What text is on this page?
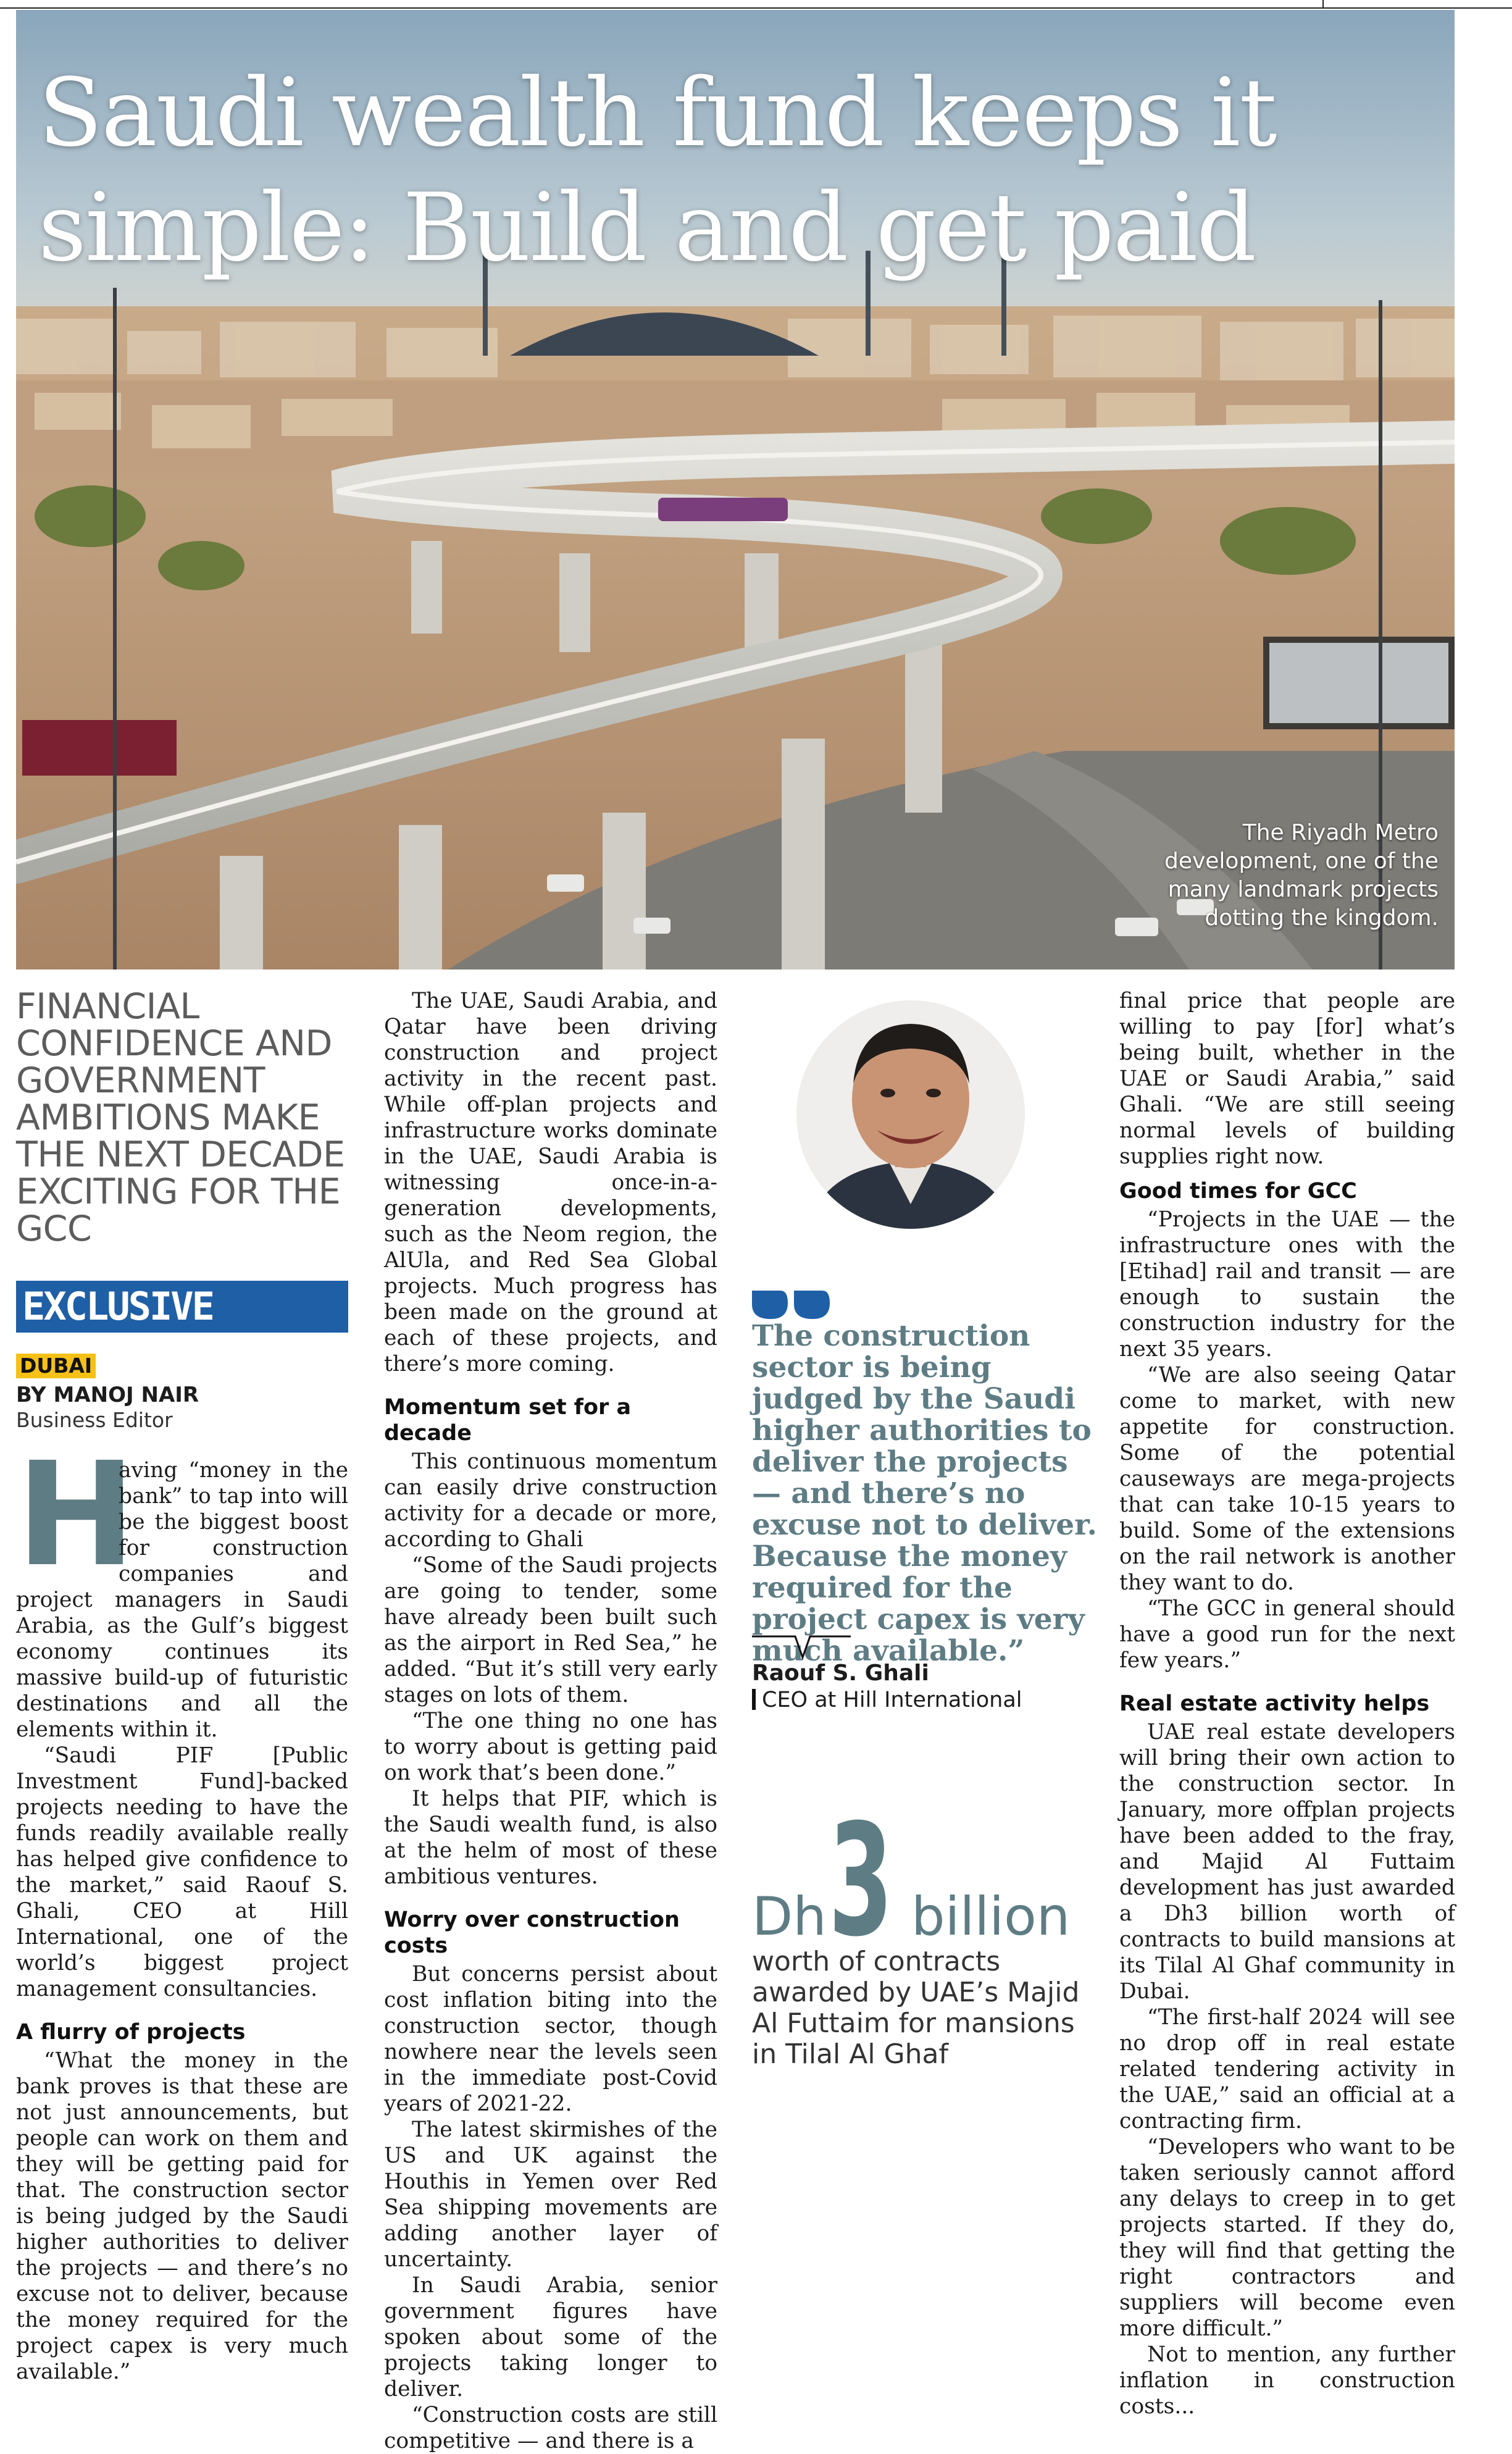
Saudi wealth fund keeps it simple: Build and get paid

The Riyadh Metro development, one of the many landmark projects dotting the kingdom.

FINANCIAL CONFIDENCE AND GOVERNMENT AMBITIONS MAKE THE NEXT DECADE EXCITING FOR THE GCC
EXCLUSIVE
DUBAI
BY MANOJ NAIR
Business Editor
H

aving “money in the bank” to tap into will be the biggest boost for construction companies and project managers in Saudi Arabia, as the Gulf’s biggest economy continues its massive build-up of futuristic destinations and all the elements within it.

“Saudi PIF [Public Investment Fund]-backed projects needing to have the funds readily available really has helped give confidence to the market,” said Raouf S. Ghali, CEO at Hill International, one of the world’s biggest project management consultancies.

A flurry of projects

“What the money in the bank proves is that these are not just announcements, but people can work on them and they will be getting paid for that. The construction sector is being judged by the Saudi higher authorities to deliver the projects — and there’s no excuse not to deliver, because the money required for the project capex is very much available.”

The UAE, Saudi Arabia, and Qatar have been driving construction and project activity in the recent past. While off-plan projects and infrastructure works dominate in the UAE, Saudi Arabia is witnessing once-in-a-generation developments, such as the Neom region, the AlUla, and Red Sea Global projects. Much progress has been made on the ground at each of these projects, and there’s more coming.

Momentum set for a decade

This continuous momentum can easily drive construction activity for a decade or more, according to Ghali

“Some of the Saudi projects are going to tender, some have already been built such as the airport in Red Sea,” he added. “But it’s still very early stages on lots of them.

“The one thing no one has to worry about is getting paid on work that’s been done.”

It helps that PIF, which is the Saudi wealth fund, is also at the helm of most of these ambitious ventures.

Worry over construction costs

But concerns persist about cost inflation biting into the construction sector, though nowhere near the levels seen in the immediate post-Covid years of 2021-22.

The latest skirmishes of the US and UK against the Houthis in Yemen over Red Sea shipping movements are adding another layer of uncertainty.

In Saudi Arabia, senior government figures have spoken about some of the projects taking longer to deliver.

“Construction costs are still competitive — and there is a

The construction sector is being judged by the Saudi higher authorities to deliver the projects — and there’s no excuse not to deliver. Because the money required for the project capex is very much available.”

Raouf S. Ghali

CEO at Hill International

Dh 3 billion

worth of contracts awarded by UAE’s Majid Al Futtaim for mansions in Tilal Al Ghaf

final price that people are willing to pay [for] what’s being built, whether in the UAE or Saudi Arabia,” said Ghali. “We are still seeing normal levels of building supplies right now.

Good times for GCC

“Projects in the UAE — the infrastructure ones with the [Etihad] rail and transit — are enough to sustain the construction industry for the next 35 years.

“We are also seeing Qatar come to market, with new appetite for construction. Some of the potential causeways are mega-projects that can take 10-15 years to build. Some of the extensions on the rail network is another they want to do.

“The GCC in general should have a good run for the next few years.”

Real estate activity helps

UAE real estate developers will bring their own action to the construction sector. In January, more offplan projects have been added to the fray, and Majid Al Futtaim development has just awarded a Dh3 billion worth of contracts to build mansions at its Tilal Al Ghaf community in Dubai.

“The first-half 2024 will see no drop off in real estate related tendering activity in the UAE,” said an official at a contracting firm.

“Developers who want to be taken seriously cannot afford any delays to creep in to get projects started. If they do, they will find that getting the right contractors and suppliers will become even more difficult.”

Not to mention, any further inflation in construction costs...
